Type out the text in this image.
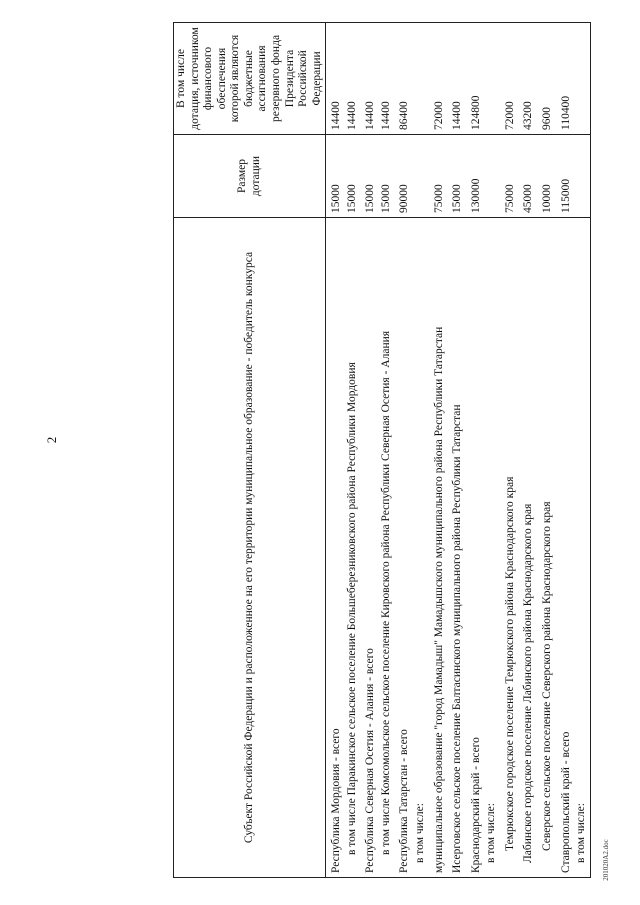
2	Субъект Российской Федерации и расположенное на его территории муниципальное образование - победитель конкурса	Размер дотации	В том числе дотация, источником финансового обеспечения которой являются бюджетные ассигнования резервного фонда Президента Российской Федерации
Республика Мордовия - всего	15000	14400
в том числе Паракинское сельское поселение Большеберезниковского района Республики Мордовия	15000	14400
Республика Северная Осетия - Алания - всего	15000	14400
в том числе Комсомольское сельское поселение Кировского района Республики Северная Осетия - Алания	15000	14400
Республика Татарстан - всего	90000	86400
в том числе:		
муниципальное образование "город Мамадыш" Мамадышского муниципального района Республики Татарстан	75000	72000
Исерговское сельское поселение Балтасинского муниципального района Республики Татарстан	15000	14400
Краснодарский край - всего	130000	124800
в том числе:		
Темрюкское городское поселение Темрюкского района Краснодарского края	75000	72000
Лабинское городское поселение Лабинского района Краснодарского края	45000	43200
Северское сельское поселение Северского района Краснодарского края	10000	9600
Ставропольский край - всего	115000	110400
в том числе:		201020A2.doc
